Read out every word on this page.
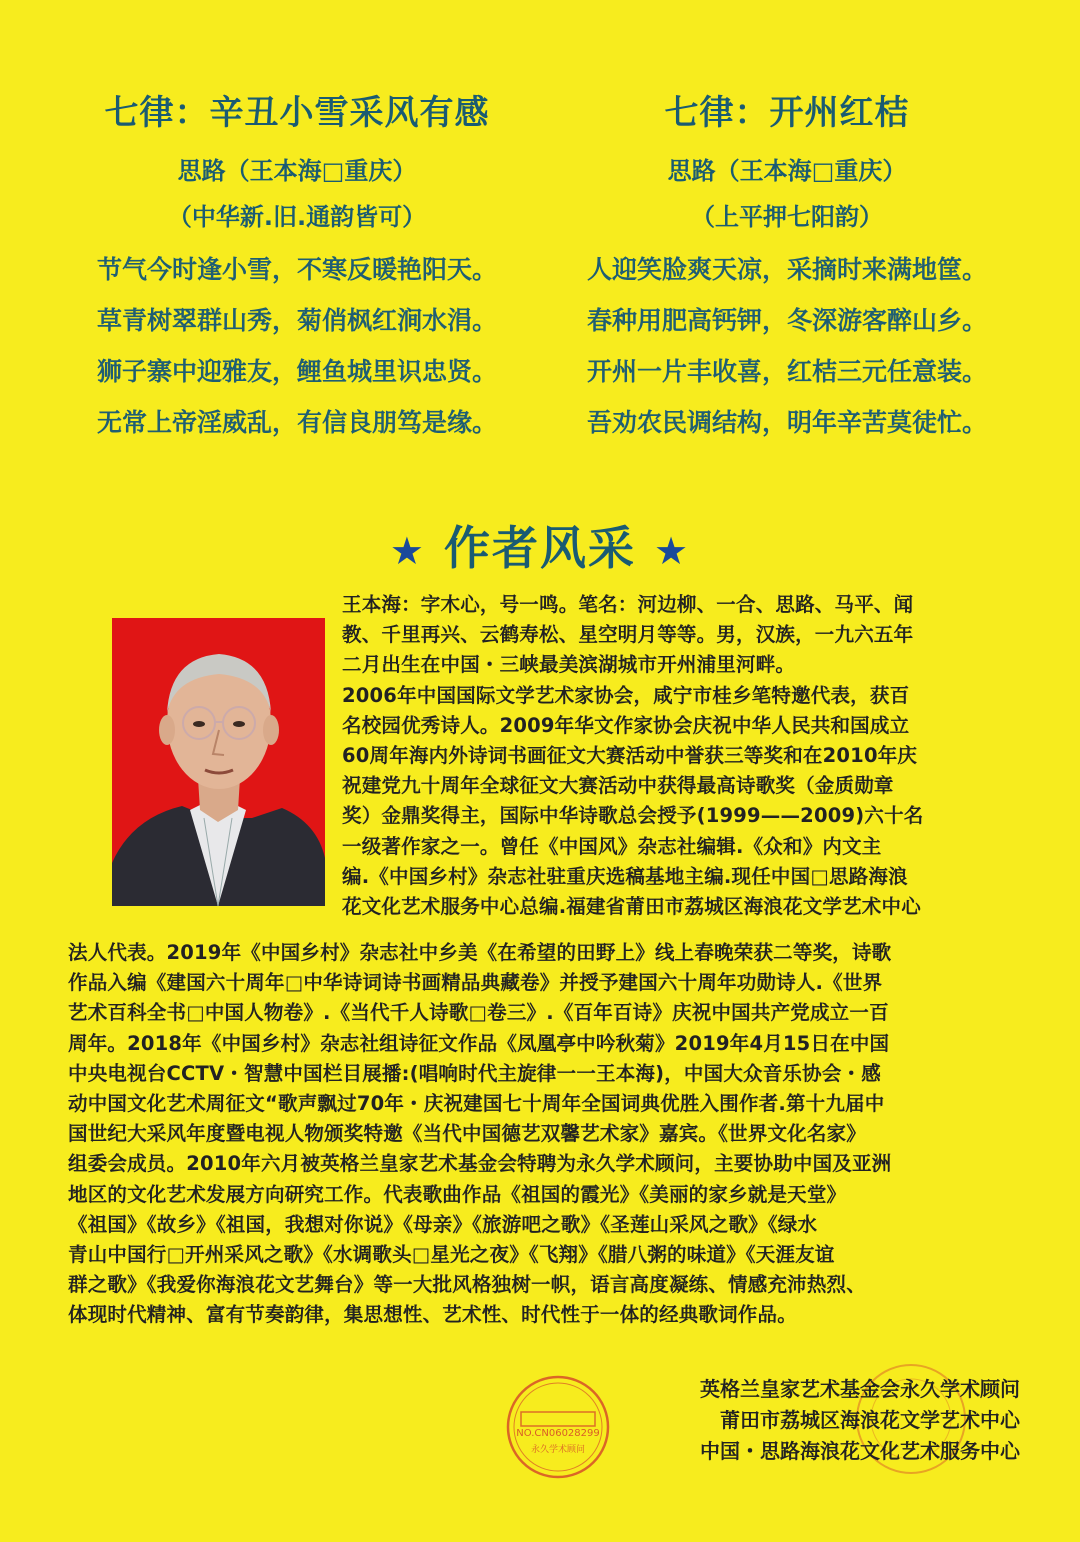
七律：辛丑小雪采风有感
思路（王本海□重庆）
（中华新.旧.通韵皆可）
节气今时逢小雪，不寒反暖艳阳天。
草青树翠群山秀，菊俏枫红涧水涓。
狮子寨中迎雅友，鲤鱼城里识忠贤。
无常上帝淫威乱，有信良朋笃是缘。
七律：开州红桔
思路（王本海□重庆）
（上平押七阳韵）
人迎笑脸爽天凉，采摘时来满地筐。
春种用肥高钙钾，冬深游客醉山乡。
开州一片丰收喜，红桔三元任意装。
吾劝农民调结构，明年辛苦莫徒忙。
★ 作者风采 ★

王本海：字木心，号一鸣。笔名：河边柳、一合、思路、马平、闻

教、千里再兴、云鹤寿松、星空明月等等。男，汉族，一九六五年

二月出生在中国・三峡最美滨湖城市开州浦里河畔。

2006年中国国际文学艺术家协会，咸宁市桂乡笔特邀代表，获百

名校园优秀诗人。2009年华文作家协会庆祝中华人民共和国成立

60周年海内外诗词书画征文大赛活动中誉获三等奖和在2010年庆

祝建党九十周年全球征文大赛活动中获得最高诗歌奖（金质勋章

奖）金鼎奖得主，国际中华诗歌总会授予(1999——2009)六十名

一级著作家之一。曾任《中国风》杂志社编辑.《众和》内文主

编.《中国乡村》杂志社驻重庆选稿基地主编.现任中国□思路海浪

花文化艺术服务中心总编.福建省莆田市荔城区海浪花文学艺术中心

法人代表。2019年《中国乡村》杂志社中乡美《在希望的田野上》线上春晚荣获二等奖，诗歌

作品入编《建国六十周年□中华诗词诗书画精品典藏卷》并授予建国六十周年功勋诗人.《世界

艺术百科全书□中国人物卷》.《当代千人诗歌□卷三》.《百年百诗》庆祝中国共产党成立一百

周年。2018年《中国乡村》杂志社组诗征文作品《凤凰亭中吟秋菊》2019年4月15日在中国

中央电视台CCTV・智慧中国栏目展播:(唱响时代主旋律一一王本海)，中国大众音乐协会・感

动中国文化艺术周征文“歌声飘过70年・庆祝建国七十周年全国词典优胜入围作者.第十九届中

国世纪大采风年度暨电视人物颁奖特邀《当代中国德艺双馨艺术家》嘉宾。《世界文化名家》

组委会成员。2010年六月被英格兰皇家艺术基金会特聘为永久学术顾问，主要协助中国及亚洲

地区的文化艺术发展方向研究工作。代表歌曲作品《祖国的霞光》《美丽的家乡就是天堂》

《祖国》《故乡》《祖国，我想对你说》《母亲》《旅游吧之歌》《圣莲山采风之歌》《绿水

青山中国行□开州采风之歌》《水调歌头□星光之夜》《飞翔》《腊八粥的味道》《天涯友谊

群之歌》《我爱你海浪花文艺舞台》等一大批风格独树一帜，语言高度凝练、情感充沛热烈、

体现时代精神、富有节奏韵律，集思想性、艺术性、时代性于一体的经典歌词作品。

NO.CN06028299
永久学术顾问
英格兰皇家艺术基金会永久学术顾问
莆田市荔城区海浪花文学艺术中心
中国・思路海浪花文化艺术服务中心
